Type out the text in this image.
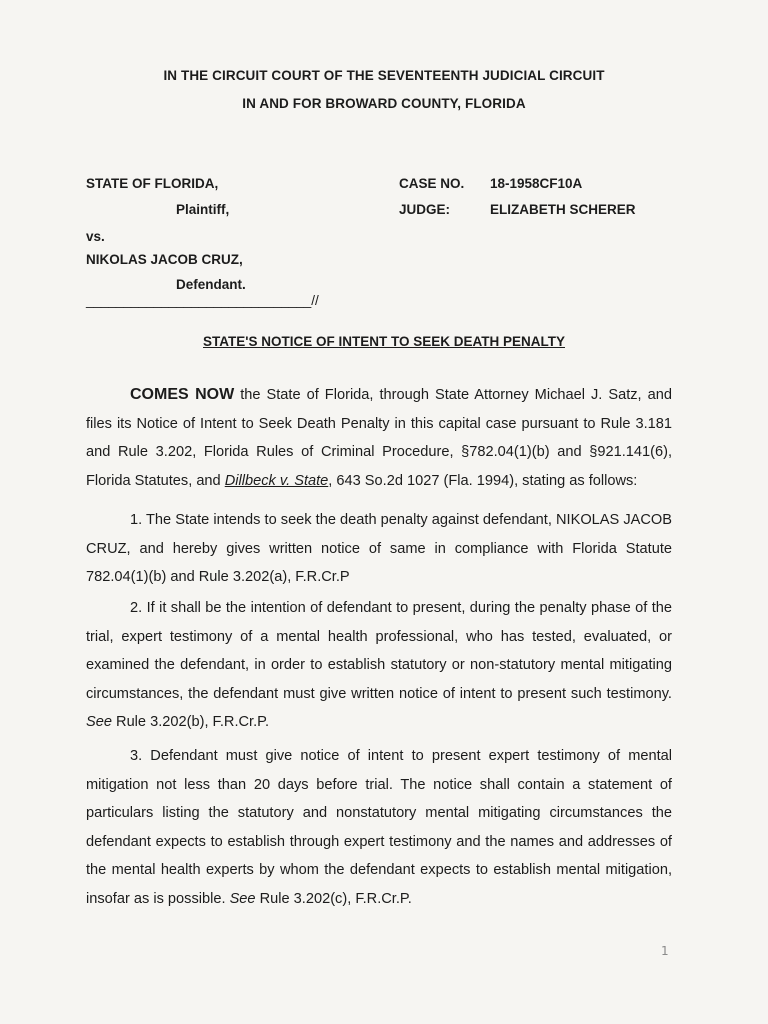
IN THE CIRCUIT COURT OF THE SEVENTEENTH JUDICIAL CIRCUIT
IN AND FOR BROWARD COUNTY, FLORIDA
STATE OF FLORIDA,
Plaintiff,
vs.
NIKOLAS JACOB CRUZ,
Defendant.
______________________________//
CASE NO. 18-1958CF10A
JUDGE:	ELIZABETH SCHERER
STATE'S NOTICE OF INTENT TO SEEK DEATH PENALTY
COMES NOW the State of Florida, through State Attorney Michael J. Satz, and files its Notice of Intent to Seek Death Penalty in this capital case pursuant to Rule 3.181 and Rule 3.202, Florida Rules of Criminal Procedure, §782.04(1)(b) and §921.141(6), Florida Statutes, and Dillbeck v. State, 643 So.2d 1027 (Fla. 1994), stating as follows:
1. The State intends to seek the death penalty against defendant, NIKOLAS JACOB CRUZ, and hereby gives written notice of same in compliance with Florida Statute 782.04(1)(b) and Rule 3.202(a), F.R.Cr.P
2. If it shall be the intention of defendant to present, during the penalty phase of the trial, expert testimony of a mental health professional, who has tested, evaluated, or examined the defendant, in order to establish statutory or non-statutory mental mitigating circumstances, the defendant must give written notice of intent to present such testimony. See Rule 3.202(b), F.R.Cr.P.
3. Defendant must give notice of intent to present expert testimony of mental mitigation not less than 20 days before trial. The notice shall contain a statement of particulars listing the statutory and nonstatutory mental mitigating circumstances the defendant expects to establish through expert testimony and the names and addresses of the mental health experts by whom the defendant expects to establish mental mitigation, insofar as is possible. See Rule 3.202(c), F.R.Cr.P.
1
